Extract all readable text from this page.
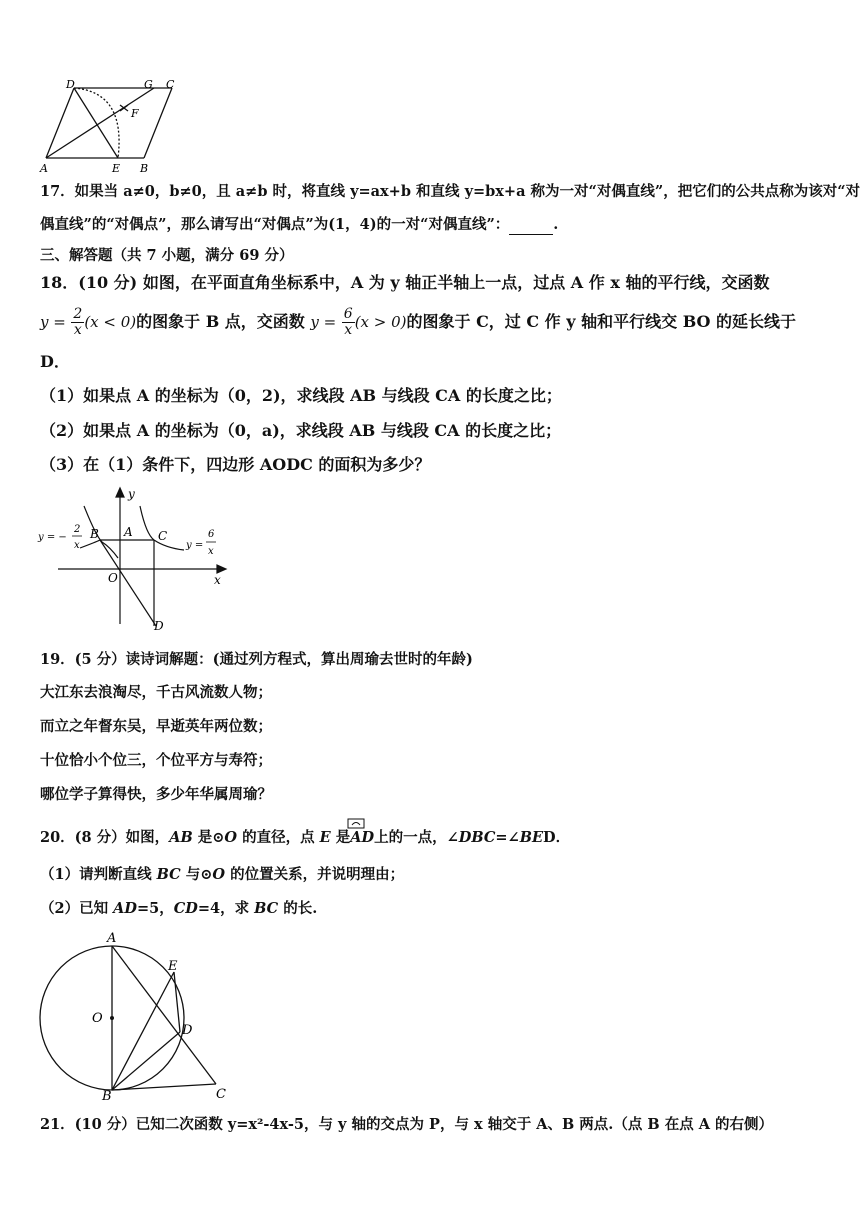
D	G C
F
A	E B
17．如果当 a≠0，b≠0，且 a≠b 时，将直线 y=ax+b 和直线 y=bx+a 称为一对“对偶直线”，把它们的公共点称为该对“对
偶直线”的“对偶点”，那么请写出“对偶点”为(1，4)的一对“对偶直线”：	.
三、解答题（共 7 小题，满分 69 分）
18．(10 分) 如图，在平面直角坐标系中，A 为 y 轴正半轴上一点，过点 A 作 x 轴的平行线，交函数
$y = \frac{2}{x} (x < 0)$的图象于 B 点，交函数 $y = \frac{6}{x} (x > 0)$的图象于 C，过 C 作 y 轴和平行线交 BO 的延长线于
D．
（1）如果点 A 的坐标为（0，2)，求线段 AB 与线段 CA 的长度之比；
（2）如果点 A 的坐标为（0，a)，求线段 AB 与线段 CA 的长度之比；
（3）在（1）条件下，四边形 AODC 的面积为多少？
y = −
2
x	y =
6
x
y
x
B A C
O
D
19．(5 分）读诗词解题：(通过列方程式，算出周瑜去世时的年龄)
大江东去浪淘尽，千古风流数人物；
而立之年督东吴，早逝英年两位数；
十位恰小个位三，个位平方与寿符；
哪位学子算得快，多少年华属周瑜？
20．(8 分）如图，AB 是⊙O 的直径，点 E 是AD上的一点，∠DBC=∠BED．
（1）请判断直线 BC 与⊙O 的位置关系，并说明理由；
（2）已知 AD=5，CD=4，求 BC 的长.
A
E
O
D
B	C
21．(10 分）已知二次函数 y=x²-4x-5，与 y 轴的交点为 P，与 x 轴交于 A、B 两点.（点 B 在点 A 的右侧）
